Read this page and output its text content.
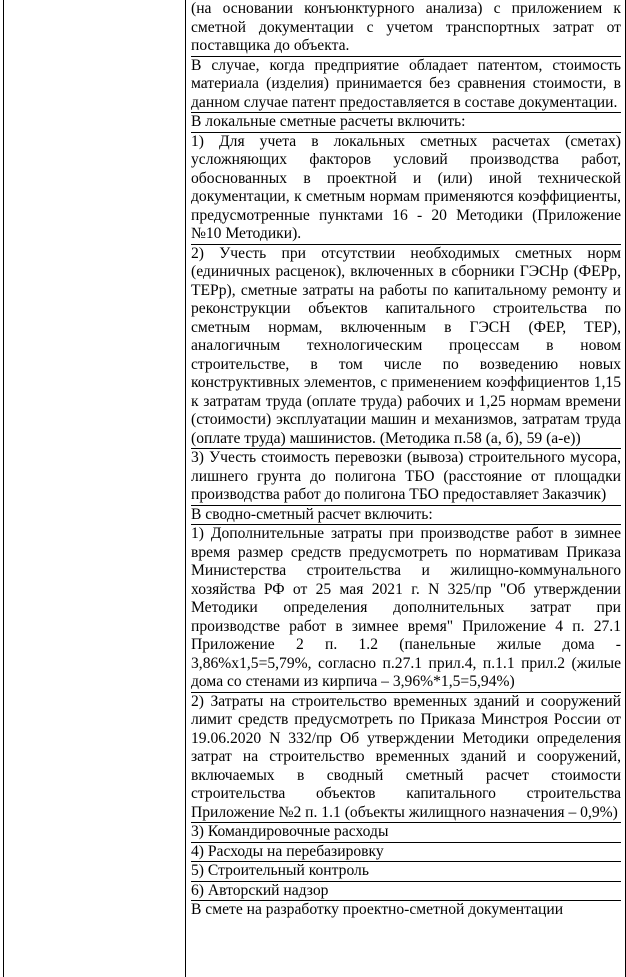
(на основании конъюнктурного анализа) с приложением к сметной документации с учетом транспортных затрат от поставщика до объекта.

В случае, когда предприятие обладает патентом, стоимость материала (изделия) принимается без сравнения стоимости, в данном случае патент предоставляется в составе документации.

В локальные сметные расчеты включить:

1) Для учета в локальных сметных расчетах (сметах) усложняющих факторов условий производства работ, обоснованных в проектной и (или) иной технической документации, к сметным нормам применяются коэффициенты, предусмотренные пунктами 16 - 20 Методики (Приложение №10 Методики).

2) Учесть при отсутствии необходимых сметных норм (единичных расценок), включенных в сборники ГЭСНр (ФЕРр, ТЕРр), сметные затраты на работы по капитальному ремонту и реконструкции объектов капитального строительства по сметным нормам, включенным в ГЭСН (ФЕР, ТЕР), аналогичным технологическим процессам в новом строительстве, в том числе по возведению новых конструктивных элементов, с применением коэффициентов 1,15 к затратам труда (оплате труда) рабочих и 1,25 нормам времени (стоимости) эксплуатации машин и механизмов, затратам труда (оплате труда) машинистов. (Методика п.58 (а, б), 59 (а-е))

3) Учесть стоимость перевозки (вывоза) строительного мусора, лишнего грунта до полигона ТБО (расстояние от площадки производства работ до полигона ТБО предоставляет Заказчик)

В сводно-сметный расчет включить:

1) Дополнительные затраты при производстве работ в зимнее время размер средств предусмотреть по нормативам Приказа Министерства строительства и жилищно-коммунального хозяйства РФ от 25 мая 2021 г. N 325/пр "Об утверждении Методики определения дополнительных затрат при производстве работ в зимнее время" Приложение 4 п. 27.1 Приложение 2 п. 1.2 (панельные жилые дома - 3,86%х1,5=5,79%, согласно п.27.1 прил.4, п.1.1 прил.2 (жилые дома со стенами из кирпича – 3,96%*1,5=5,94%)

2) Затраты на строительство временных зданий и сооружений лимит средств предусмотреть по Приказа Минстроя России от 19.06.2020 N 332/пр Об утверждении Методики определения затрат на строительство временных зданий и сооружений, включаемых в сводный сметный расчет стоимости строительства объектов капитального строительства Приложение №2 п. 1.1 (объекты жилищного назначения – 0,9%)

3) Командировочные расходы

4) Расходы на перебазировку

5) Строительный контроль

6) Авторский надзор

В смете на разработку проектно-сметной документации
